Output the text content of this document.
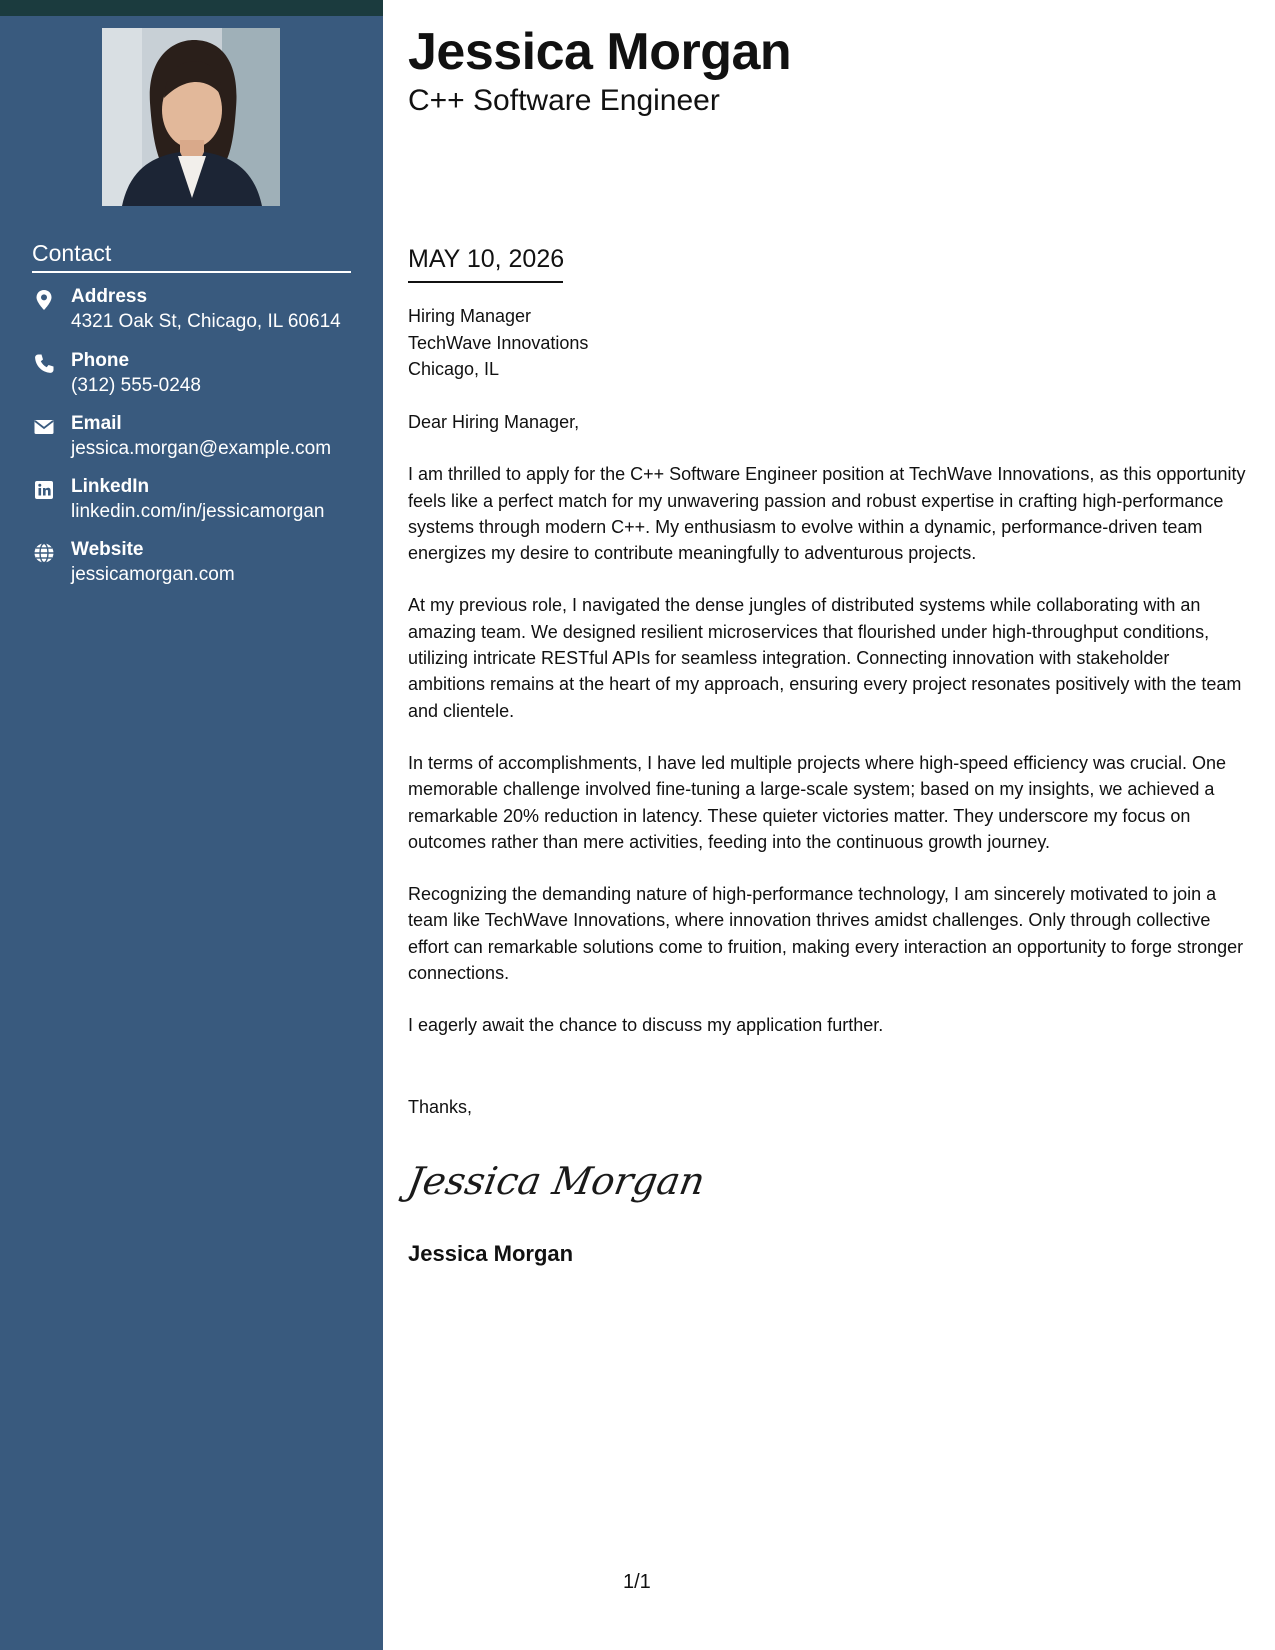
Contact
Address
4321 Oak St, Chicago, IL 60614
Phone
(312) 555-0248
Email
jessica.morgan@example.com
LinkedIn
linkedin.com/in/jessicamorgan
Website
jessicamorgan.com
Jessica Morgan
C++ Software Engineer
MAY 10, 2026
Hiring Manager
TechWave Innovations
Chicago, IL

Dear Hiring Manager,

I am thrilled to apply for the C++ Software Engineer position at TechWave Innovations, as this opportunity feels like a perfect match for my unwavering passion and robust expertise in crafting high-performance systems through modern C++. My enthusiasm to evolve within a dynamic, performance-driven team energizes my desire to contribute meaningfully to adventurous projects.

At my previous role, I navigated the dense jungles of distributed systems while collaborating with an amazing team. We designed resilient microservices that flourished under high-throughput conditions, utilizing intricate RESTful APIs for seamless integration. Connecting innovation with stakeholder ambitions remains at the heart of my approach, ensuring every project resonates positively with the team and clientele.

In terms of accomplishments, I have led multiple projects where high-speed efficiency was crucial. One memorable challenge involved fine-tuning a large-scale system; based on my insights, we achieved a remarkable 20% reduction in latency. These quieter victories matter. They underscore my focus on outcomes rather than mere activities, feeding into the continuous growth journey.

Recognizing the demanding nature of high-performance technology, I am sincerely motivated to join a team like TechWave Innovations, where innovation thrives amidst challenges. Only through collective effort can remarkable solutions come to fruition, making every interaction an opportunity to forge stronger connections.

I eagerly await the chance to discuss my application further.

Thanks,
Jessica Morgan
Jessica Morgan
1/1
